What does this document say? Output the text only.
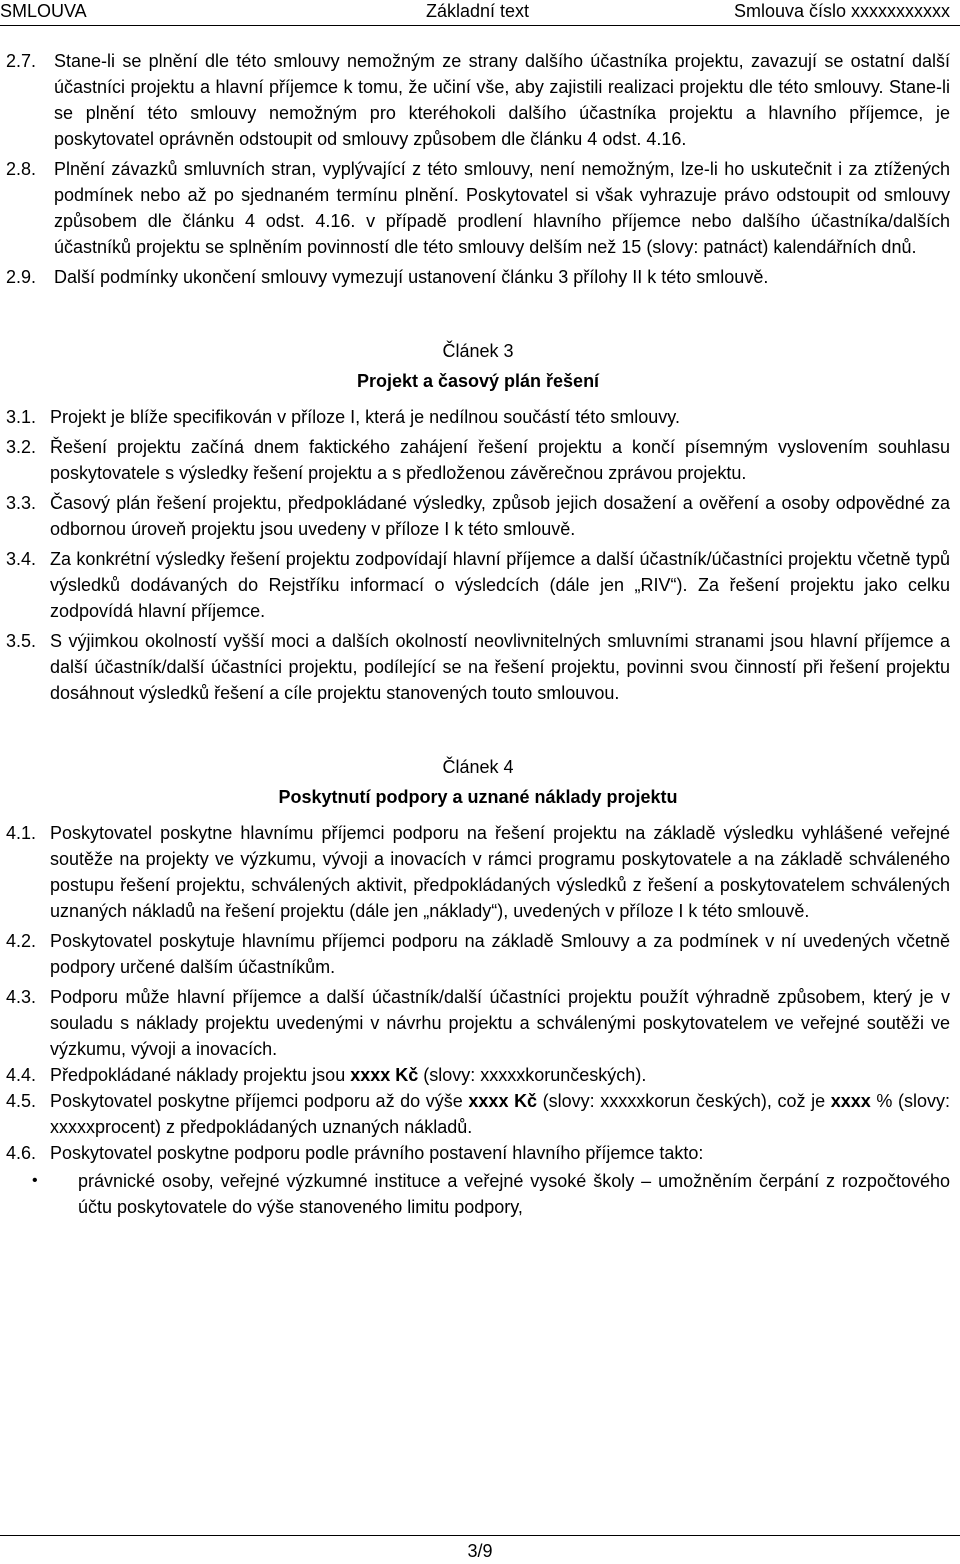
SMLOUVA	Základní text	Smlouva číslo xxxxxxxxxxx
2.7. Stane-li se plnění dle této smlouvy nemožným ze strany dalšího účastníka projektu, zavazují se ostatní další účastníci projektu a hlavní příjemce k tomu, že učiní vše, aby zajistili realizaci projektu dle této smlouvy. Stane-li se plnění této smlouvy nemožným pro kteréhokoli dalšího účastníka projektu a hlavního příjemce, je poskytovatel oprávněn odstoupit od smlouvy způsobem dle článku 4 odst. 4.16.
2.8. Plnění závazků smluvních stran, vyplývající z této smlouvy, není nemožným, lze-li ho uskutečnit i za ztížených podmínek nebo až po sjednaném termínu plnění. Poskytovatel si však vyhrazuje právo odstoupit od smlouvy způsobem dle článku 4 odst. 4.16. v případě prodlení hlavního příjemce nebo dalšího účastníka/dalších účastníků projektu se splněním povinností dle této smlouvy delším než 15 (slovy: patnáct) kalendářních dnů.
2.9. Další podmínky ukončení smlouvy vymezují ustanovení článku 3 přílohy II k této smlouvě.
Článek 3
Projekt a časový plán řešení
3.1. Projekt je blíže specifikován v příloze I, která je nedílnou součástí této smlouvy.
3.2. Řešení projektu začíná dnem faktického zahájení řešení projektu a končí písemným vyslovením souhlasu poskytovatele s výsledky řešení projektu a s předloženou závěrečnou zprávou projektu.
3.3. Časový plán řešení projektu, předpokládané výsledky, způsob jejich dosažení a ověření a osoby odpovědné za odbornou úroveň projektu jsou uvedeny v příloze I k této smlouvě.
3.4. Za konkrétní výsledky řešení projektu zodpovídají hlavní příjemce a další účastník/účastníci projektu včetně typů výsledků dodávaných do Rejstříku informací o výsledcích (dále jen „RIV“). Za řešení projektu jako celku zodpovídá hlavní příjemce.
3.5. S výjimkou okolností vyšší moci a dalších okolností neovlivnitelných smluvními stranami jsou hlavní příjemce a další účastník/další účastníci projektu, podílející se na řešení projektu, povinni svou činností při řešení projektu dosáhnout výsledků řešení a cíle projektu stanovených touto smlouvou.
Článek 4
Poskytnutí podpory a uznané náklady projektu
4.1. Poskytovatel poskytne hlavnímu příjemci podporu na řešení projektu na základě výsledku vyhlášené veřejné soutěže na projekty ve výzkumu, vývoji a inovacích v rámci programu poskytovatele a na základě schváleného postupu řešení projektu, schválených aktivit, předpokládaných výsledků z řešení a poskytovatelem schválených uznaných nákladů na řešení projektu (dále jen „náklady“), uvedených v příloze I k této smlouvě.
4.2. Poskytovatel poskytuje hlavnímu příjemci podporu na základě Smlouvy a za podmínek v ní uvedených včetně podpory určené dalším účastníkům.
4.3. Podporu může hlavní příjemce a další účastník/další účastníci projektu použít výhradně způsobem, který je v souladu s náklady projektu uvedenými v návrhu projektu a schválenými poskytovatelem ve veřejné soutěži ve výzkumu, vývoji a inovacích.
4.4. Předpokládané náklady projektu jsou xxxx Kč (slovy: xxxxxkorunčeských).
4.5. Poskytovatel poskytne příjemci podporu až do výše xxxx Kč (slovy: xxxxxkorun českých), což je xxxx % (slovy: xxxxxprocent) z předpokládaných uznaných nákladů.
4.6. Poskytovatel poskytne podporu podle právního postavení hlavního příjemce takto:
•	právnické osoby, veřejné výzkumné instituce a veřejné vysoké školy – umožněním čerpání z rozpočtového účtu poskytovatele do výše stanoveného limitu podpory,
3/9
